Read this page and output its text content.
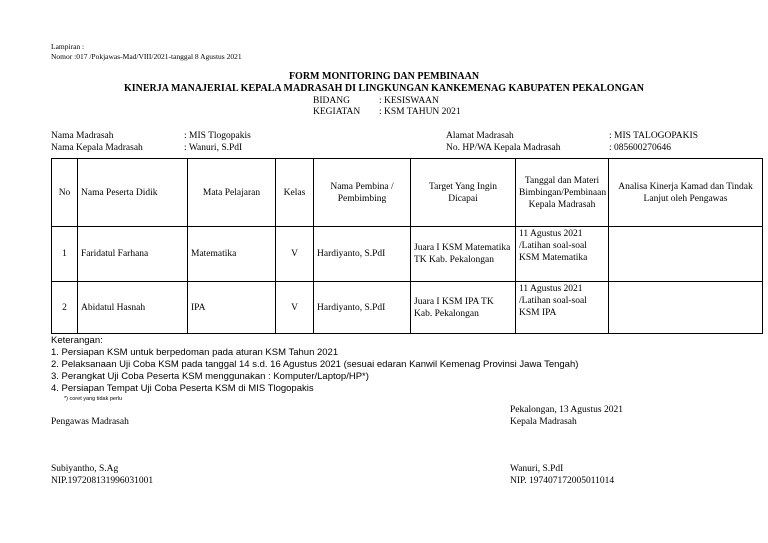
Lampiran :
Nomor :017 /Pokjawas-Mad/VIII/2021-tanggal 8 Agustus 2021
FORM MONITORING DAN PEMBINAAN
KINERJA MANAJERIAL KEPALA MADRASAH DI LINGKUNGAN KANKEMENAG KABUPATEN PEKALONGAN
BIDANG	: KESISWAAN
KEGIATAN : KSM TAHUN 2021
Nama Madrasah	: MIS Tlogopakis
Nama Kepala Madrasah	: Wanuri, S.PdI
Alamat Madrasah	: MIS TALOGOPAKIS
No. HP/WA Kepala Madrasah	: 085600270646
No	Nama Peserta Didik	Mata Pelajaran	Kelas	Nama Pembina / Pembimbing	Target Yang Ingin Dicapai	Tanggal dan Materi Bimbingan/Pembinaan Kepala Madrasah	Analisa Kinerja Kamad dan Tindak Lanjut oleh Pengawas
1	Faridatul Farhana	Matematika	V	Hardiyanto, S.PdI	Juara I KSM Matematika TK Kab. Pekalongan	11 Agustus 2021 /Latihan soal-soal KSM Matematika	
2	Abidatul Hasnah	IPA	V	Hardiyanto, S.PdI	Juara I KSM IPA TK Kab. Pekalongan	11 Agustus 2021 /Latihan soal-soal KSM IPA	
Keterangan:
1. Persiapan KSM untuk berpedoman pada aturan KSM Tahun 2021
2. Pelaksanaan Uji Coba KSM pada tanggal 14 s.d. 16 Agustus 2021 (sesuai edaran Kanwil Kemenag Provinsi Jawa Tengah)
3. Perangkat Uji Coba Peserta KSM menggunakan : Komputer/Laptop/HP*)
4. Persiapan Tempat Uji Coba Peserta KSM di MIS Tlogopakis
*) coret yang tidak perlu
Pekalongan, 13 Agustus 2021
Pengawas Madrasah	Kepala Madrasah
Subiyantho, S.Ag
NIP.197208131996031001
Wanuri, S.PdI
NIP. 197407172005011014
